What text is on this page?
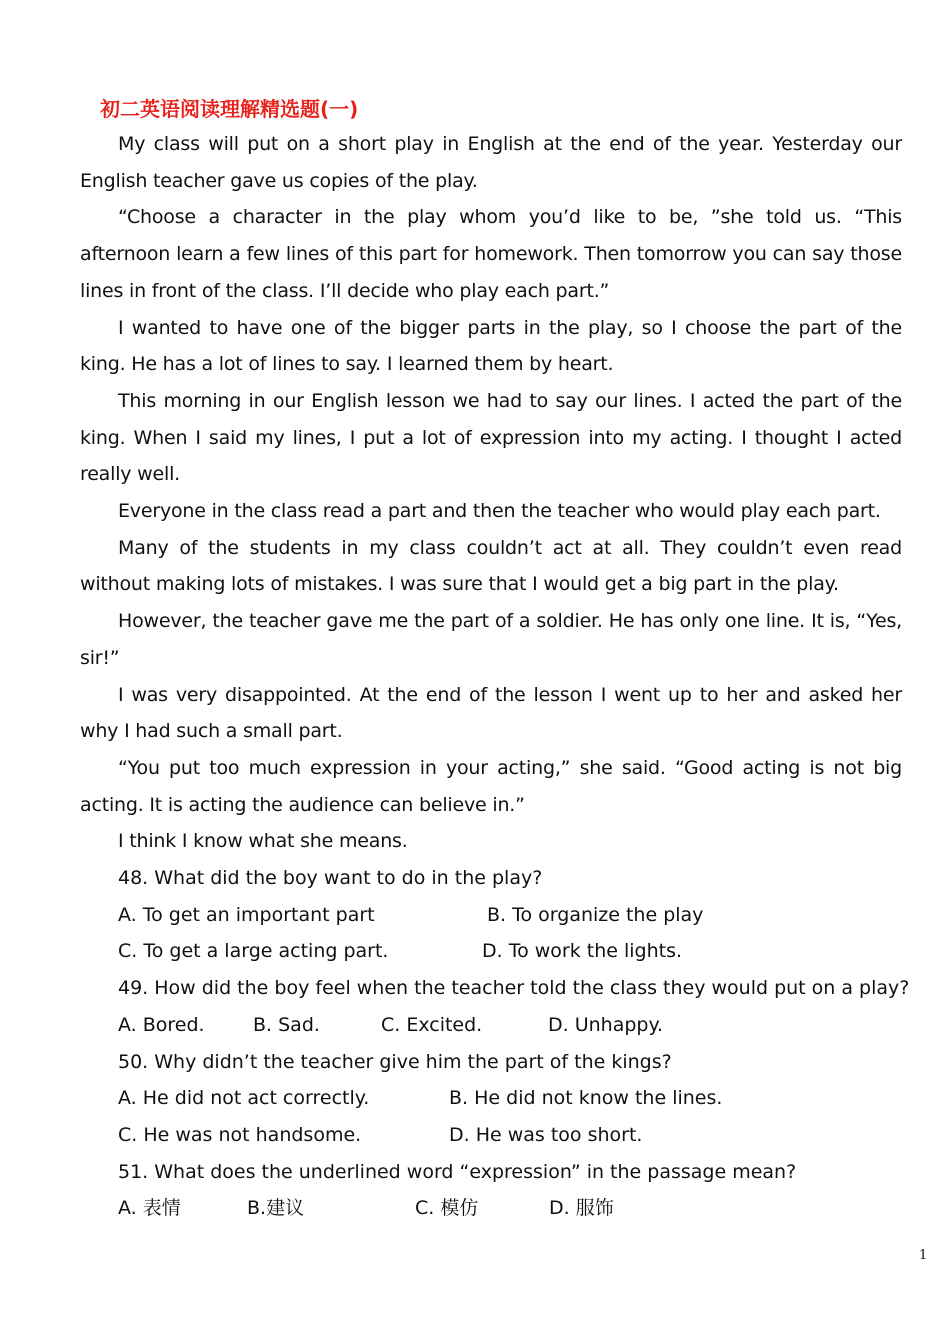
初二英语阅读理解精选题(一)

My class will put on a short play in English at the end of the year. Yesterday our English teacher gave us copies of the play.

“Choose a character in the play whom you’d like to be, ”she told us. “This afternoon learn a few lines of this part for homework. Then tomorrow you can say those lines in front of the class. I’ll decide who play each part.”

I wanted to have one of the bigger parts in the play, so I choose the part of the king. He has a lot of lines to say. I learned them by heart.

This morning in our English lesson we had to say our lines. I acted the part of the king. When I said my lines, I put a lot of expression into my acting. I thought I acted really well.

Everyone in the class read a part and then the teacher who would play each part.

Many of the students in my class couldn’t act at all. They couldn’t even read without making lots of mistakes. I was sure that I would get a big part in the play.

However, the teacher gave me the part of a soldier. He has only one line. It is, “Yes, sir!”

I was very disappointed. At the end of the lesson I went up to her and asked her why I had such a small part.

“You put too much expression in your acting,” she said. “Good acting is not big acting. It is acting the audience can believe in.”

I think I know what she means.

48. What did the boy want to do in the play?
A. To get an important part	B. To organize the play
C. To get a large acting part.	D. To work the lights.
49. How did the boy feel when the teacher told the class they would put on a play?
A. Bored.	B. Sad.	C. Excited.	D. Unhappy.
50. Why didn’t the teacher give him the part of the kings?
A. He did not act correctly.	B. He did not know the lines.
C. He was not handsome.	D. He was too short.
51. What does the underlined word “expression” in the passage mean?
A. 表情	B.建议	C. 模仿	D. 服饰
1
